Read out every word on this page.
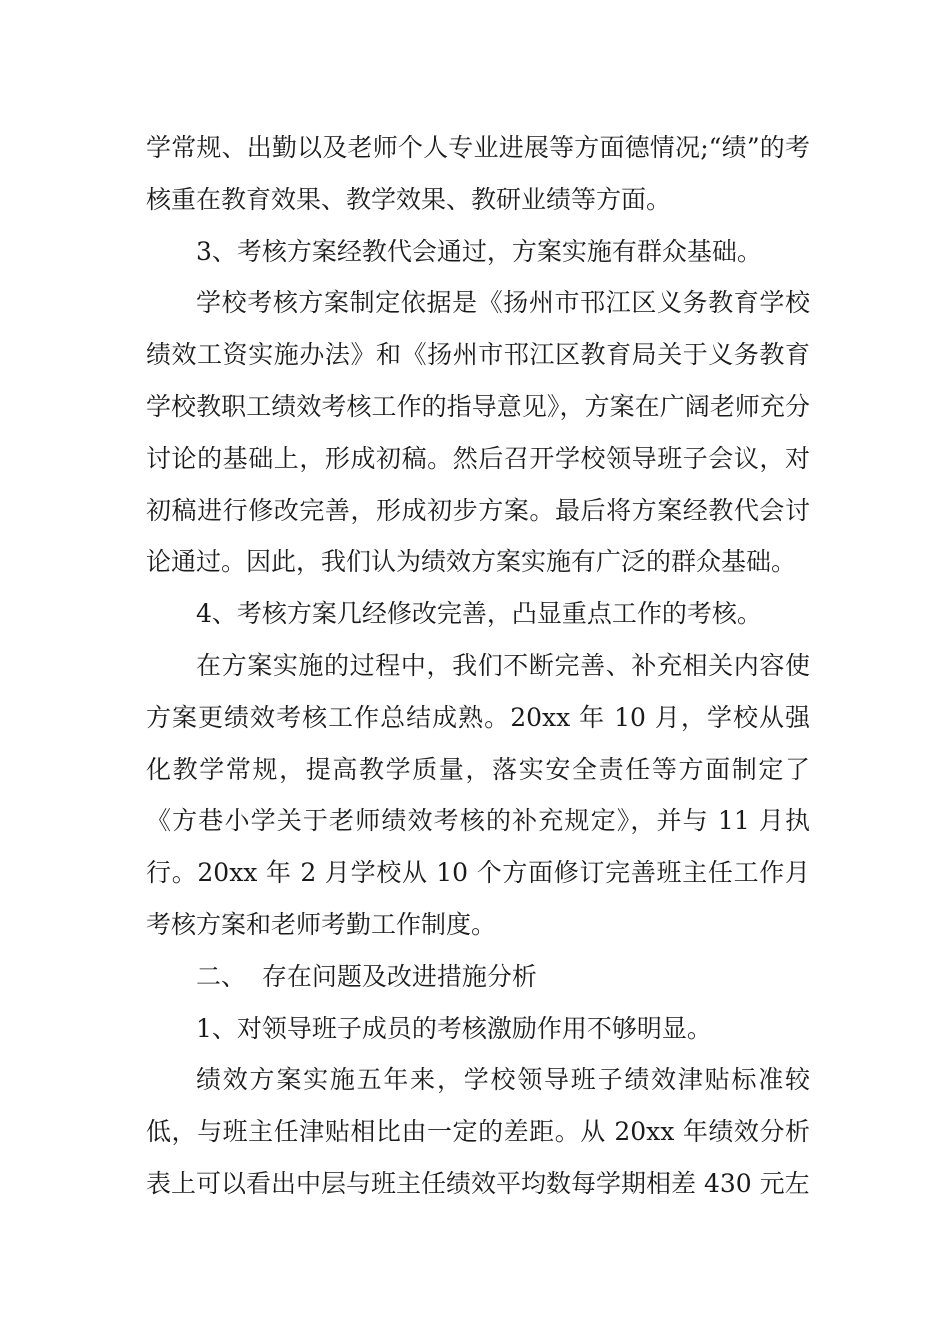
学常规、出勤以及老师个人专业进展等方面德情况;“绩”的考核重在教育效果、教学效果、教研业绩等方面。

3、考核方案经教代会通过，方案实施有群众基础。

学校考核方案制定依据是《扬州市邗江区义务教育学校绩效工资实施办法》和《扬州市邗江区教育局关于义务教育学校教职工绩效考核工作的指导意见》，方案在广阔老师充分讨论的基础上，形成初稿。然后召开学校领导班子会议，对初稿进行修改完善，形成初步方案。最后将方案经教代会讨论通过。因此，我们认为绩效方案实施有广泛的群众基础。

4、考核方案几经修改完善，凸显重点工作的考核。

在方案实施的过程中，我们不断完善、补充相关内容使方案更绩效考核工作总结成熟。20xx 年 10 月，学校从强化教学常规，提高教学质量，落实安全责任等方面制定了《方巷小学关于老师绩效考核的补充规定》，并与 11 月执行。20xx 年 2 月学校从 10 个方面修订完善班主任工作月考核方案和老师考勤工作制度。

二、  存在问题及改进措施分析

1、对领导班子成员的考核激励作用不够明显。

绩效方案实施五年来，学校领导班子绩效津贴标准较低，与班主任津贴相比由一定的差距。从 20xx 年绩效分析表上可以看出中层与班主任绩效平均数每学期相差 430 元左
